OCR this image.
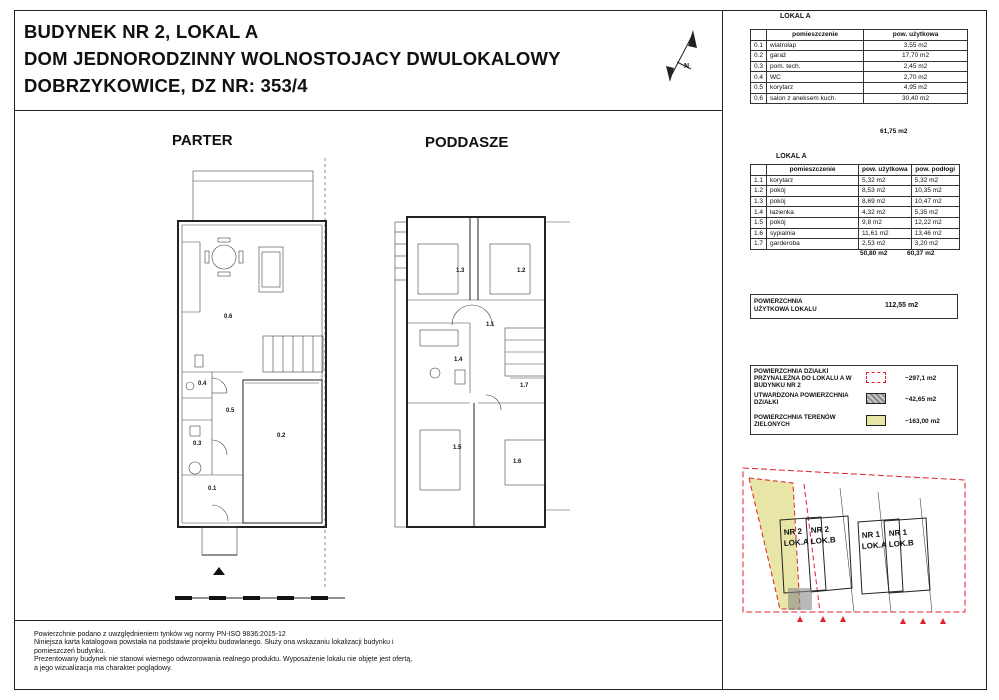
BUDYNEK NR 2, LOKAL A
DOM JEDNORODZINNY WOLNOSTOJACY DWULOKALOWY
DOBRZYKOWICE, DZ NR: 353/4
PARTER	PODDASZE
N
0.6
0.4
0.5
0.3
0.2
0.1
1.3	1.2
1.1
1.4
1.7
1.5
1.6
NR 2
LOK.A
NR 2
LOK.B
NR 1
LOK.A
NR 1
LOK.B
LOKAL A
	pomieszczenie	pow. użytkowa
0.1	wiatrołap	3,55 m2
0.2	garaż	17,70 m2
0.3	pom. tech.	2,45 m2
0.4	WC	2,70 m2
0.5	korytarz	4,95 m2
0.6	salon z aneksem kuch.	30,40 m2
61,75 m2
LOKAL A
	pomieszczenie	pow. użytkowa	pow. podłogi
1.1	korytarz	5,32 m2	5,32 m2
1.2	pokój	8,53 m2	10,35 m2
1.3	pokój	8,69 m2	10,47 m2
1.4	łazienka	4,32 m2	5,35 m2
1.5	pokój	9,8 m2	12,22 m2
1.6	sypialnia	11,61 m2	13,46 m2
1.7	garderoba	2,53 m2	3,20 m2
50,80 m2	60,37 m2
POWIERZCHNIA
UŻYTKOWA LOKALU
112,55 m2
POWIERZCHNIA DZIAŁKI
PRZYNALEŻNA DO LOKALU A W
BUDYNKU NR 2
~297,1 m2
UTWARDZONA POWIERZCHNIA
DZIAŁKI	~42,65 m2
POWIERZCHNIA TERENÓW
ZIELONYCH	~163,00 m2
Powierzchnie podano z uwzględnieniem tynków wg normy PN-ISO 9836:2015-12
Niniejsza karta katalogowa powstała na podstawie projektu budowlanego. Służy ona wskazaniu lokalizacji budynku i
pomieszczeń budynku.
Prezentowany budynek nie stanowi wiernego odwzorowania realnego produktu. Wyposażenie lokalu nie objęte jest ofertą,
a jego wizualizacja ma charakter poglądowy.
